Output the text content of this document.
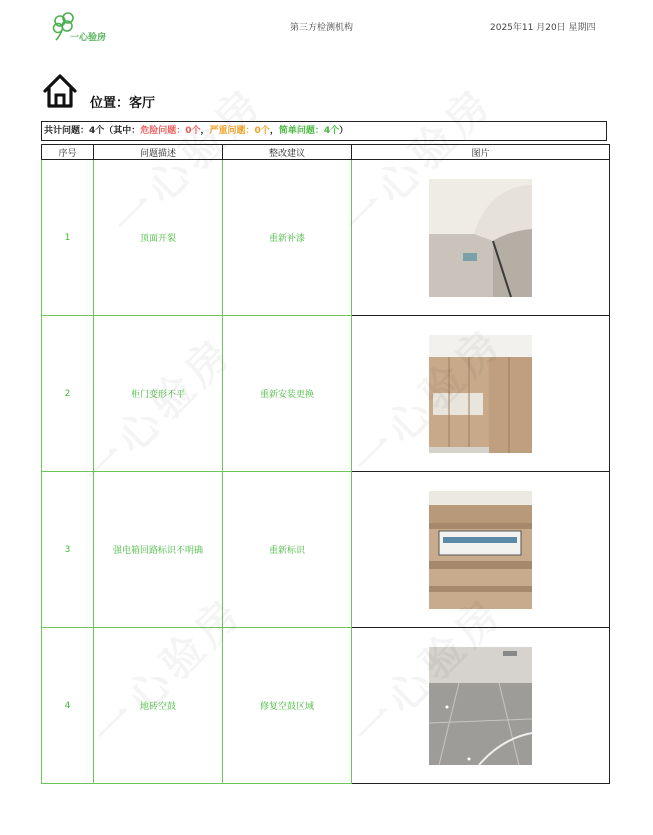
一心验房
第三方检测机构	2025年11 月20日 星期四
位置：客厅
共计问题：4个（其中：危险问题：0个，严重问题：0个，简单问题：4个）
序号	问题描述	整改建议	图片
1	顶面开裂	重新补漆	

2	柜门变形不平	重新安装更换	

3	强电箱回路标识不明确	重新标识	

4	地砖空鼓	修复空鼓区域	
